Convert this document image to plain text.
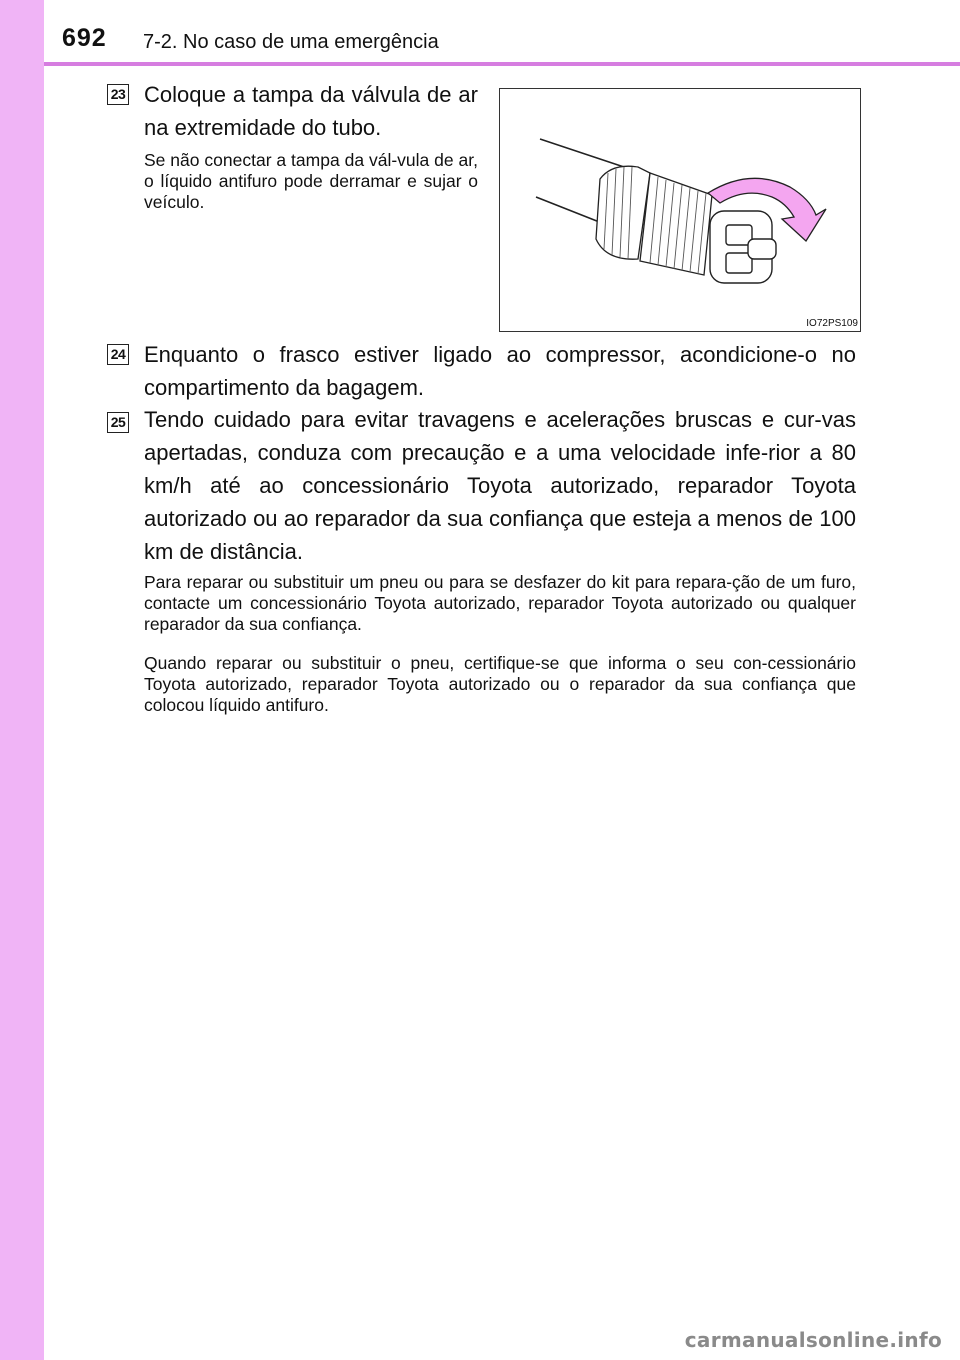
692 7-2. No caso de uma emergência
23 Coloque a tampa da válvula de ar na extremidade do tubo.
Se não conectar a tampa da vál-vula de ar, o líquido antifuro pode derramar e sujar o veículo.
IO72PS109
24 Enquanto o frasco estiver ligado ao compressor, acondicione-o no compartimento da bagagem.
25 Tendo cuidado para evitar travagens e acelerações bruscas e cur-vas apertadas, conduza com precaução e a uma velocidade infe-rior a 80 km/h até ao concessionário Toyota autorizado, reparador Toyota autorizado ou ao reparador da sua confiança que esteja a menos de 100 km de distância.
Para reparar ou substituir um pneu ou para se desfazer do kit para repara-ção de um furo, contacte um concessionário Toyota autorizado, reparador Toyota autorizado ou qualquer reparador da sua confiança.
Quando reparar ou substituir o pneu, certifique-se que informa o seu con-cessionário Toyota autorizado, reparador Toyota autorizado ou o reparador da sua confiança que colocou líquido antifuro.
carmanualsonline.info
